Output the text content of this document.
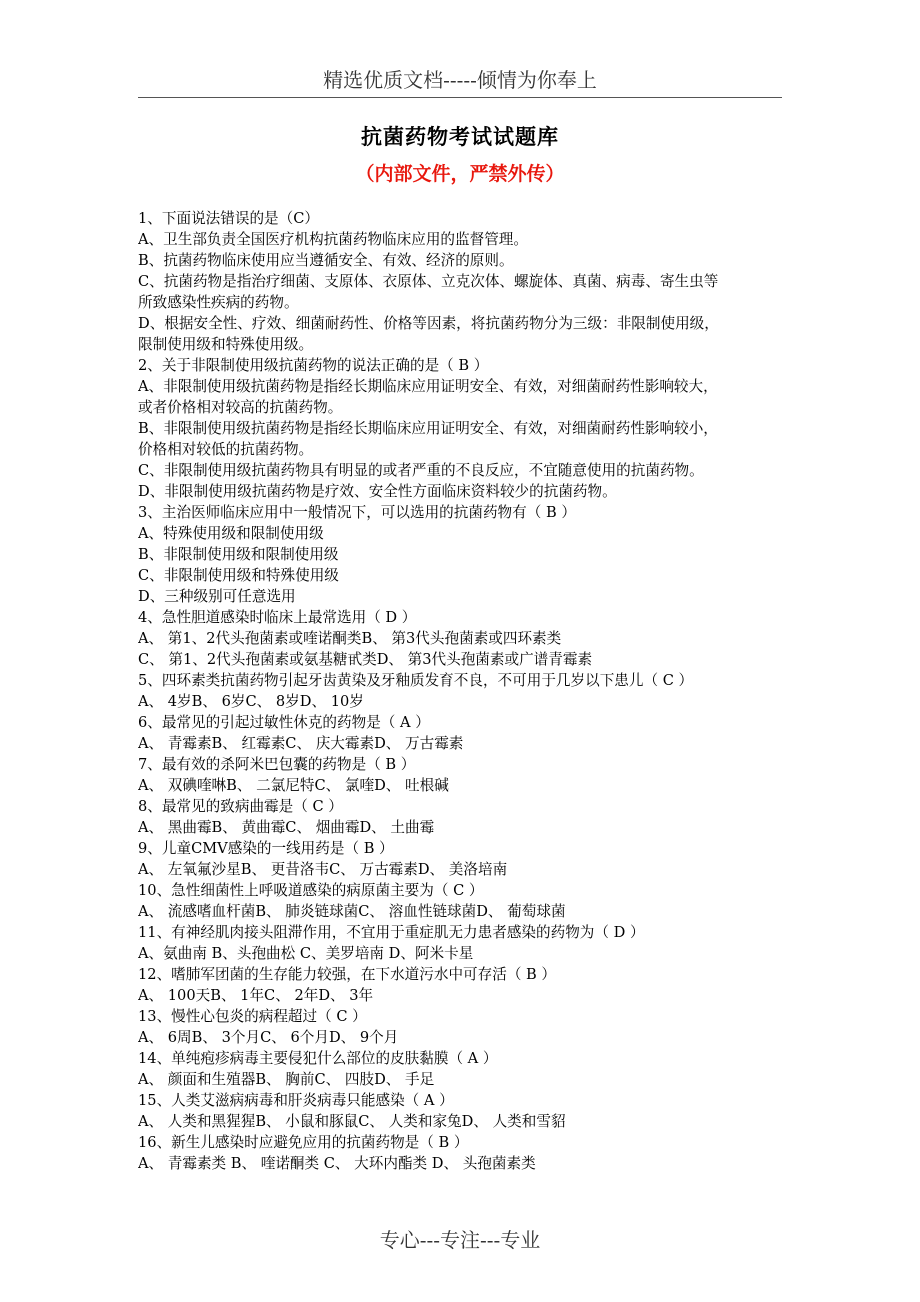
精选优质文档-----倾情为你奉上
抗菌药物考试试题库
（内部文件，严禁外传）
1、下面说法错误的是（C）
A、卫生部负责全国医疗机构抗菌药物临床应用的监督管理。
B、抗菌药物临床使用应当遵循安全、有效、经济的原则。
C、抗菌药物是指治疗细菌、支原体、衣原体、立克次体、螺旋体、真菌、病毒、寄生虫等
所致感染性疾病的药物。
D、根据安全性、疗效、细菌耐药性、价格等因素，将抗菌药物分为三级：非限制使用级，
限制使用级和特殊使用级。
2、关于非限制使用级抗菌药物的说法正确的是（ B ）
A、非限制使用级抗菌药物是指经长期临床应用证明安全、有效，对细菌耐药性影响较大，
或者价格相对较高的抗菌药物。
B、非限制使用级抗菌药物是指经长期临床应用证明安全、有效，对细菌耐药性影响较小，
价格相对较低的抗菌药物。
C、非限制使用级抗菌药物具有明显的或者严重的不良反应，不宜随意使用的抗菌药物。
D、非限制使用级抗菌药物是疗效、安全性方面临床资料较少的抗菌药物。
3、主治医师临床应用中一般情况下，可以选用的抗菌药物有（ B ）
A、特殊使用级和限制使用级
B、非限制使用级和限制使用级
C、非限制使用级和特殊使用级
D、三种级别可任意选用
4、急性胆道感染时临床上最常选用（ D ）
A、 第1、2代头孢菌素或喹诺酮类B、 第3代头孢菌素或四环素类
C、 第1、2代头孢菌素或氨基糖甙类D、 第3代头孢菌素或广谱青霉素
5、四环素类抗菌药物引起牙齿黄染及牙釉质发育不良，不可用于几岁以下患儿（ C ）
A、 4岁B、 6岁C、 8岁D、 10岁
6、最常见的引起过敏性休克的药物是（ A ）
A、 青霉素B、 红霉素C、 庆大霉素D、 万古霉素
7、最有效的杀阿米巴包囊的药物是（ B ）
A、 双碘喹啉B、 二氯尼特C、 氯喹D、 吐根碱
8、最常见的致病曲霉是（ C ）
A、 黑曲霉B、 黄曲霉C、 烟曲霉D、 土曲霉
9、儿童CMV感染的一线用药是（ B ）
A、 左氧氟沙星B、 更昔洛韦C、 万古霉素D、 美洛培南
10、急性细菌性上呼吸道感染的病原菌主要为（ C ）
A、 流感嗜血杆菌B、 肺炎链球菌C、 溶血性链球菌D、 葡萄球菌
11、有神经肌肉接头阻滞作用，不宜用于重症肌无力患者感染的药物为（ D ）
A、氨曲南 B、头孢曲松 C、美罗培南 D、阿米卡星
12、嗜肺军团菌的生存能力较强，在下水道污水中可存活（ B ）
A、 100天B、 1年C、 2年D、 3年
13、慢性心包炎的病程超过（ C ）
A、 6周B、 3个月C、 6个月D、 9个月
14、单纯疱疹病毒主要侵犯什么部位的皮肤黏膜（ A ）
A、 颜面和生殖器B、 胸前C、 四肢D、 手足
15、人类艾滋病病毒和肝炎病毒只能感染（ A ）
A、 人类和黑猩猩B、 小鼠和豚鼠C、 人类和家兔D、 人类和雪貂
16、新生儿感染时应避免应用的抗菌药物是（ B ）
A、 青霉素类 B、 喹诺酮类 C、 大环内酯类 D、 头孢菌素类
专心---专注---专业
